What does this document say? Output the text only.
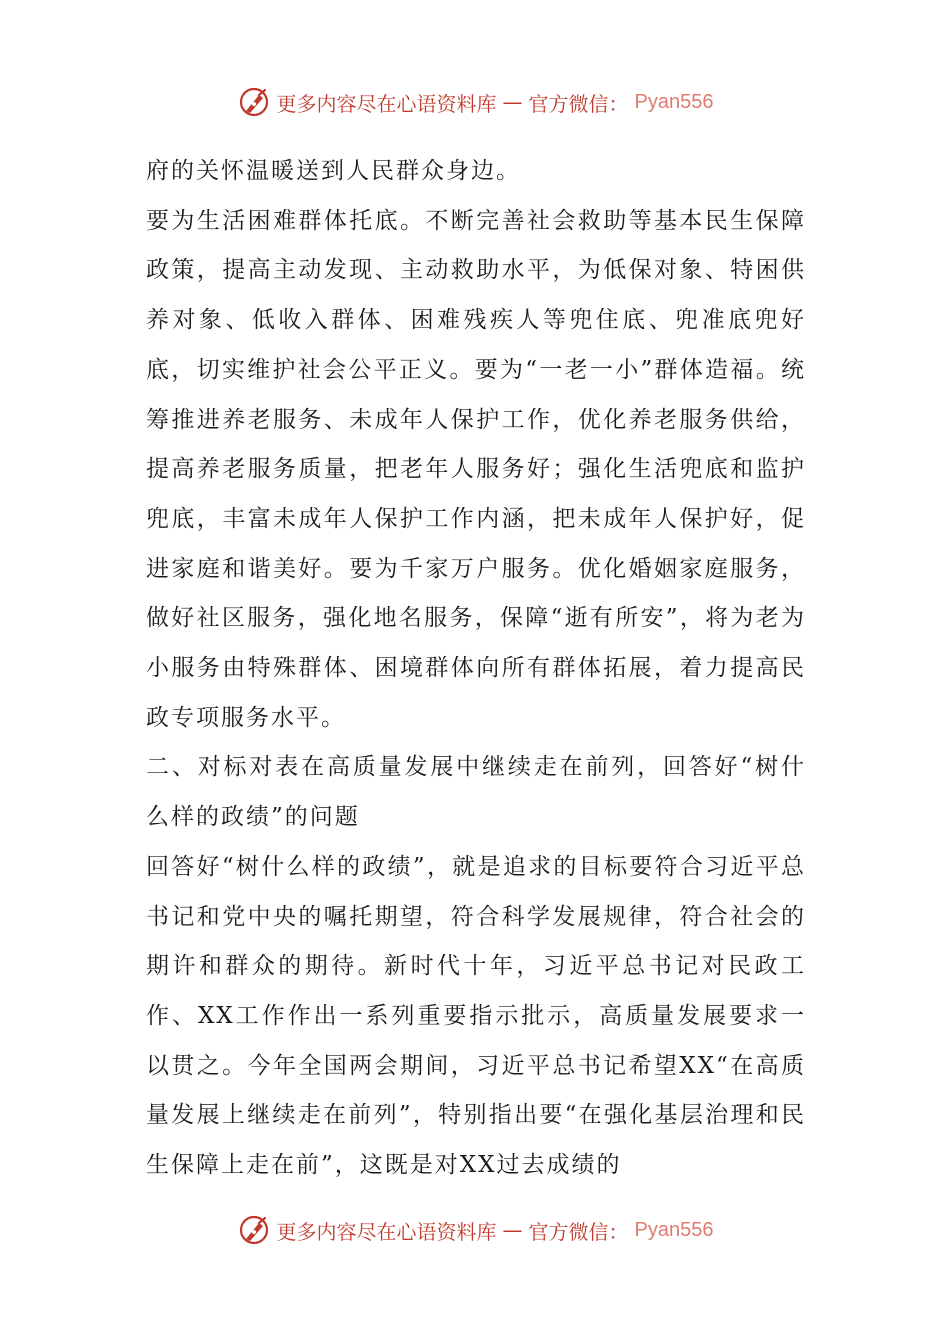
更多内容尽在心语资料库 — 官方微信： Pyan556

府的关怀温暖送到人民群众身边。

要为生活困难群体托底。不断完善社会救助等基本民生保障政策，提高主动发现、主动救助水平，为低保对象、特困供养对象、低收入群体、困难残疾人等兜住底、兜准底兜好底，切实维护社会公平正义。要为“一老一小”群体造福。统筹推进养老服务、未成年人保护工作，优化养老服务供给，提高养老服务质量，把老年人服务好；强化生活兜底和监护兜底，丰富未成年人保护工作内涵，把未成年人保护好，促进家庭和谐美好。要为千家万户服务。优化婚姻家庭服务，做好社区服务，强化地名服务，保障“逝有所安”，将为老为小服务由特殊群体、困境群体向所有群体拓展，着力提高民政专项服务水平。

二、对标对表在高质量发展中继续走在前列，回答好“树什么样的政绩”的问题

回答好“树什么样的政绩”，就是追求的目标要符合习近平总书记和党中央的嘱托期望，符合科学发展规律，符合社会的期许和群众的期待。新时代十年，习近平总书记对民政工作、XX工作作出一系列重要指示批示，高质量发展要求一以贯之。今年全国两会期间，习近平总书记希望XX“在高质量发展上继续走在前列”，特别指出要“在强化基层治理和民生保障上走在前”，这既是对XX过去成绩的

更多内容尽在心语资料库 — 官方微信： Pyan556
